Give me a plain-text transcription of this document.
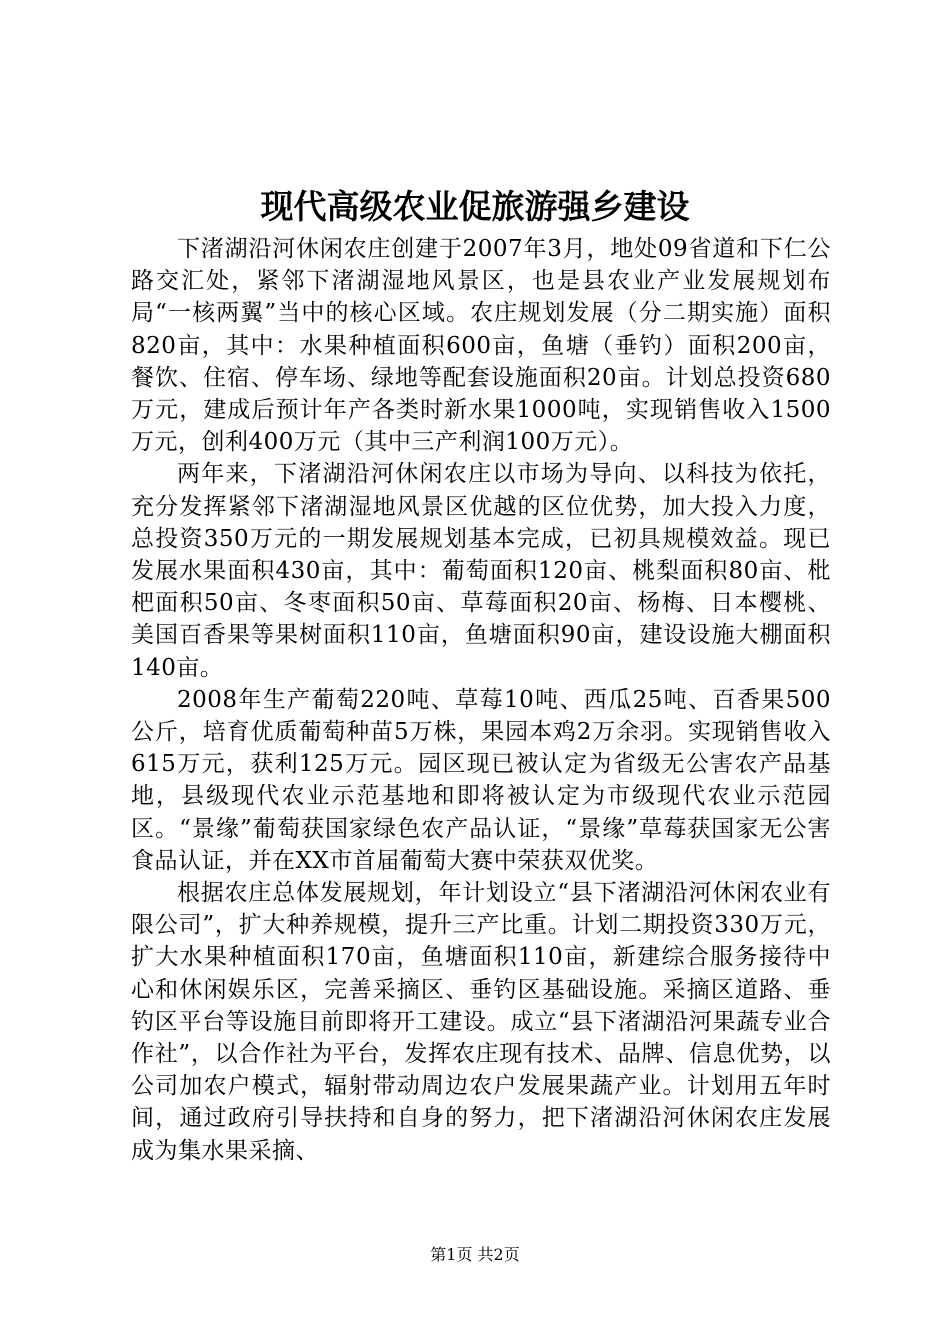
现代高级农业促旅游强乡建设

下渚湖沿河休闲农庄创建于2007年3月，地处09省道和下仁公路交汇处，紧邻下渚湖湿地风景区，也是县农业产业发展规划布局“一核两翼”当中的核心区域。农庄规划发展（分二期实施）面积820亩，其中：水果种植面积600亩，鱼塘（垂钓）面积200亩，餐饮、住宿、停车场、绿地等配套设施面积20亩。计划总投资680万元，建成后预计年产各类时新水果1000吨，实现销售收入1500万元，创利400万元（其中三产利润100万元）。

两年来，下渚湖沿河休闲农庄以市场为导向、以科技为依托，充分发挥紧邻下渚湖湿地风景区优越的区位优势，加大投入力度，总投资350万元的一期发展规划基本完成，已初具规模效益。现已发展水果面积430亩，其中：葡萄面积120亩、桃梨面积80亩、枇杷面积50亩、冬枣面积50亩、草莓面积20亩、杨梅、日本樱桃、美国百香果等果树面积110亩，鱼塘面积90亩，建设设施大棚面积140亩。

2008年生产葡萄220吨、草莓10吨、西瓜25吨、百香果500公斤，培育优质葡萄种苗5万株，果园本鸡2万余羽。实现销售收入615万元，获利125万元。园区现已被认定为省级无公害农产品基地，县级现代农业示范基地和即将被认定为市级现代农业示范园区。“景缘”葡萄获国家绿色农产品认证，“景缘”草莓获国家无公害食品认证，并在XX市首届葡萄大赛中荣获双优奖。

根据农庄总体发展规划，年计划设立“县下渚湖沿河休闲农业有限公司”，扩大种养规模，提升三产比重。计划二期投资330万元，扩大水果种植面积170亩，鱼塘面积110亩，新建综合服务接待中心和休闲娱乐区，完善采摘区、垂钓区基础设施。采摘区道路、垂钓区平台等设施目前即将开工建设。成立“县下渚湖沿河果蔬专业合作社”，以合作社为平台，发挥农庄现有技术、品牌、信息优势，以公司加农户模式，辐射带动周边农户发展果蔬产业。计划用五年时间，通过政府引导扶持和自身的努力，把下渚湖沿河休闲农庄发展成为集水果采摘、

第1页 共2页
